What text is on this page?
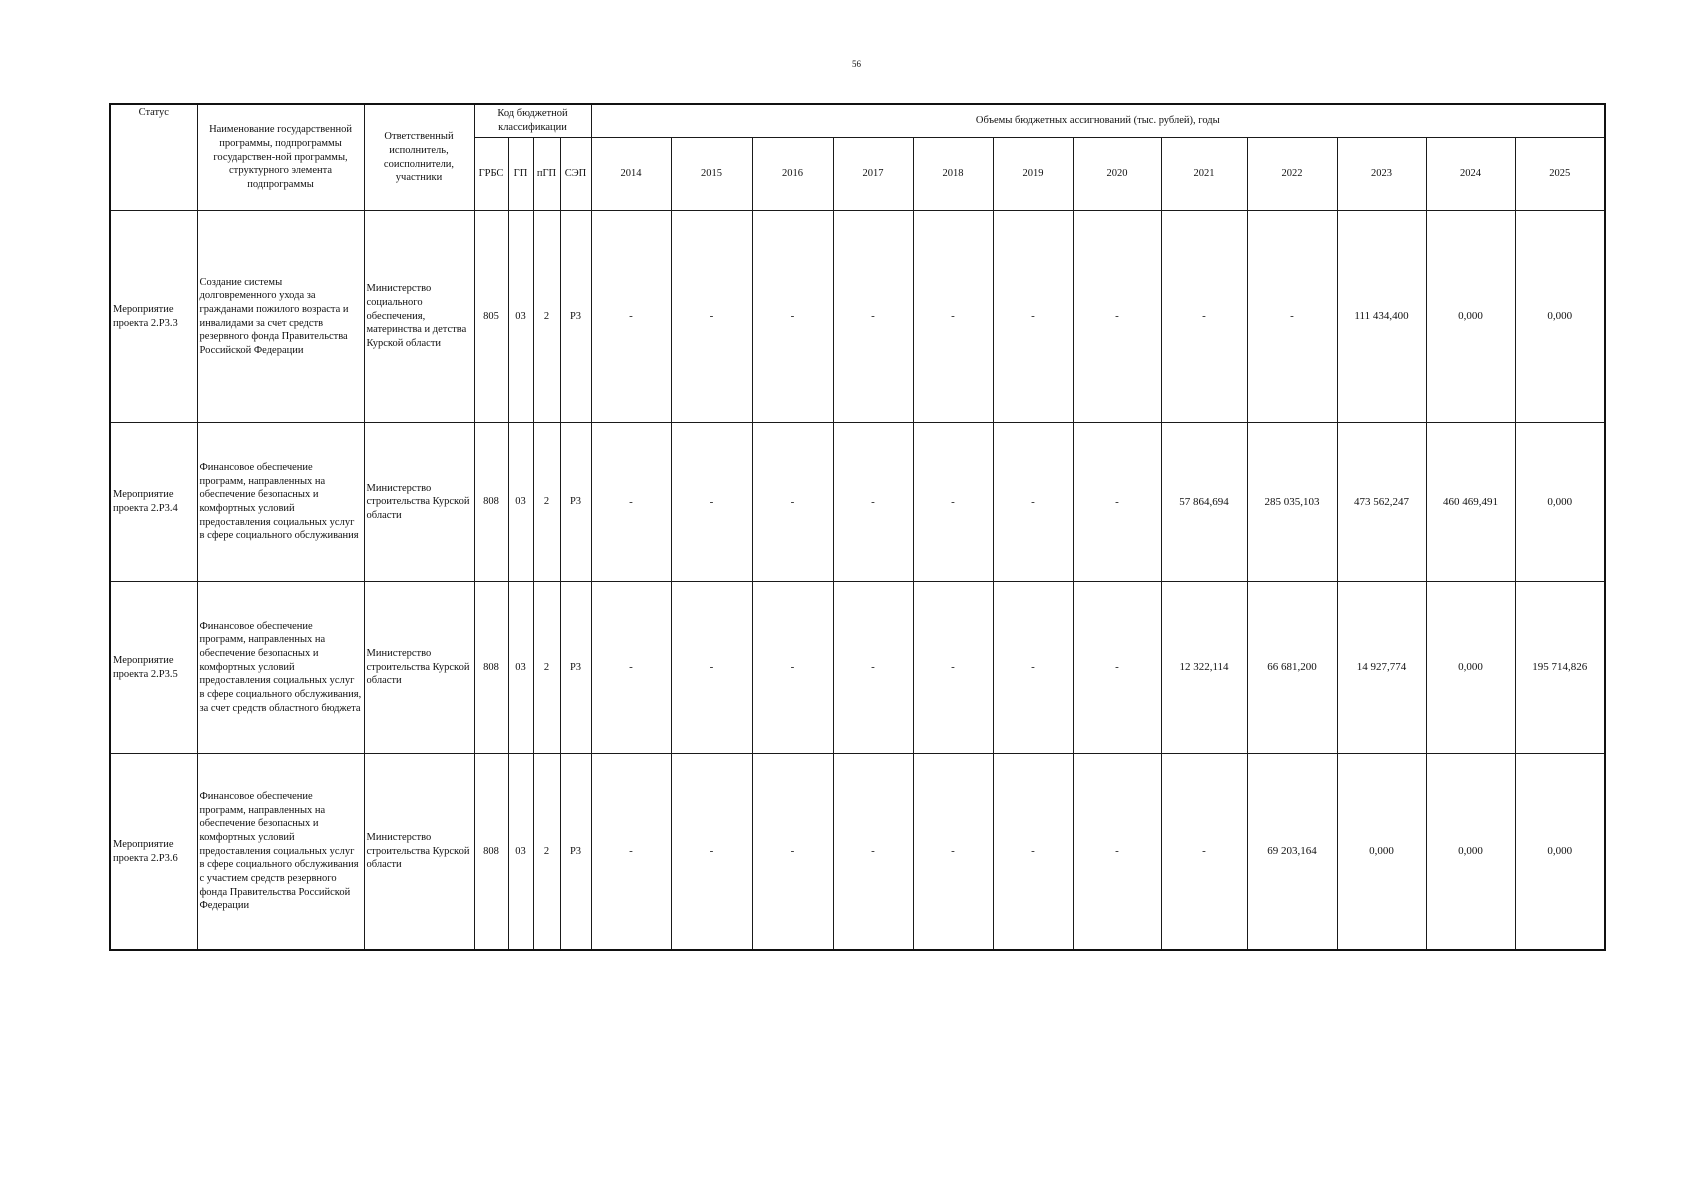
56
Статус	Наименование государственной программы, подпрограммы государствен-ной программы, структурного элемента подпрограммы	Ответственный исполнитель, соисполнители, участники	Код бюджетной классификации				Объемы бюджетных ассигнований (тыс. рублей), годы											
			ГРБС	ГП	пГП	СЭП	2014	2015	2016	2017	2018	2019	2020	2021	2022	2023	2024	2025
Мероприятие проекта 2.Р3.3	Создание системы долговременного ухода за гражданами пожилого возраста и инвалидами за счет средств резервного фонда Правительства Российской Федерации	Министерство социального обеспечения, материнства и детства Курской области	805	03	2	Р3	-	-	-	-	-	-	-	-	-	111 434,400	0,000	0,000
Мероприятие проекта 2.Р3.4	Финансовое обеспечение программ, направленных на обеспечение безопасных и комфортных условий предоставления социальных услуг в сфере социального обслуживания	Министерство строительства Курской области	808	03	2	Р3	-	-	-	-	-	-	-	57 864,694	285 035,103	473 562,247	460 469,491	0,000
Мероприятие проекта 2.Р3.5	Финансовое обеспечение программ, направленных на обеспечение безопасных и комфортных условий предоставления социальных услуг в сфере социального обслуживания, за счет средств областного бюджета	Министерство строительства Курской области	808	03	2	Р3	-	-	-	-	-	-	-	12 322,114	66 681,200	14 927,774	0,000	195 714,826
Мероприятие проекта 2.Р3.6	Финансовое обеспечение программ, направленных на обеспечение безопасных и комфортных условий предоставления социальных услуг в сфере социального обслуживания с участием средств резервного фонда Правительства Российской Федерации	Министерство строительства Курской области	808	03	2	Р3	-	-	-	-	-	-	-	-	69 203,164	0,000	0,000	0,000
